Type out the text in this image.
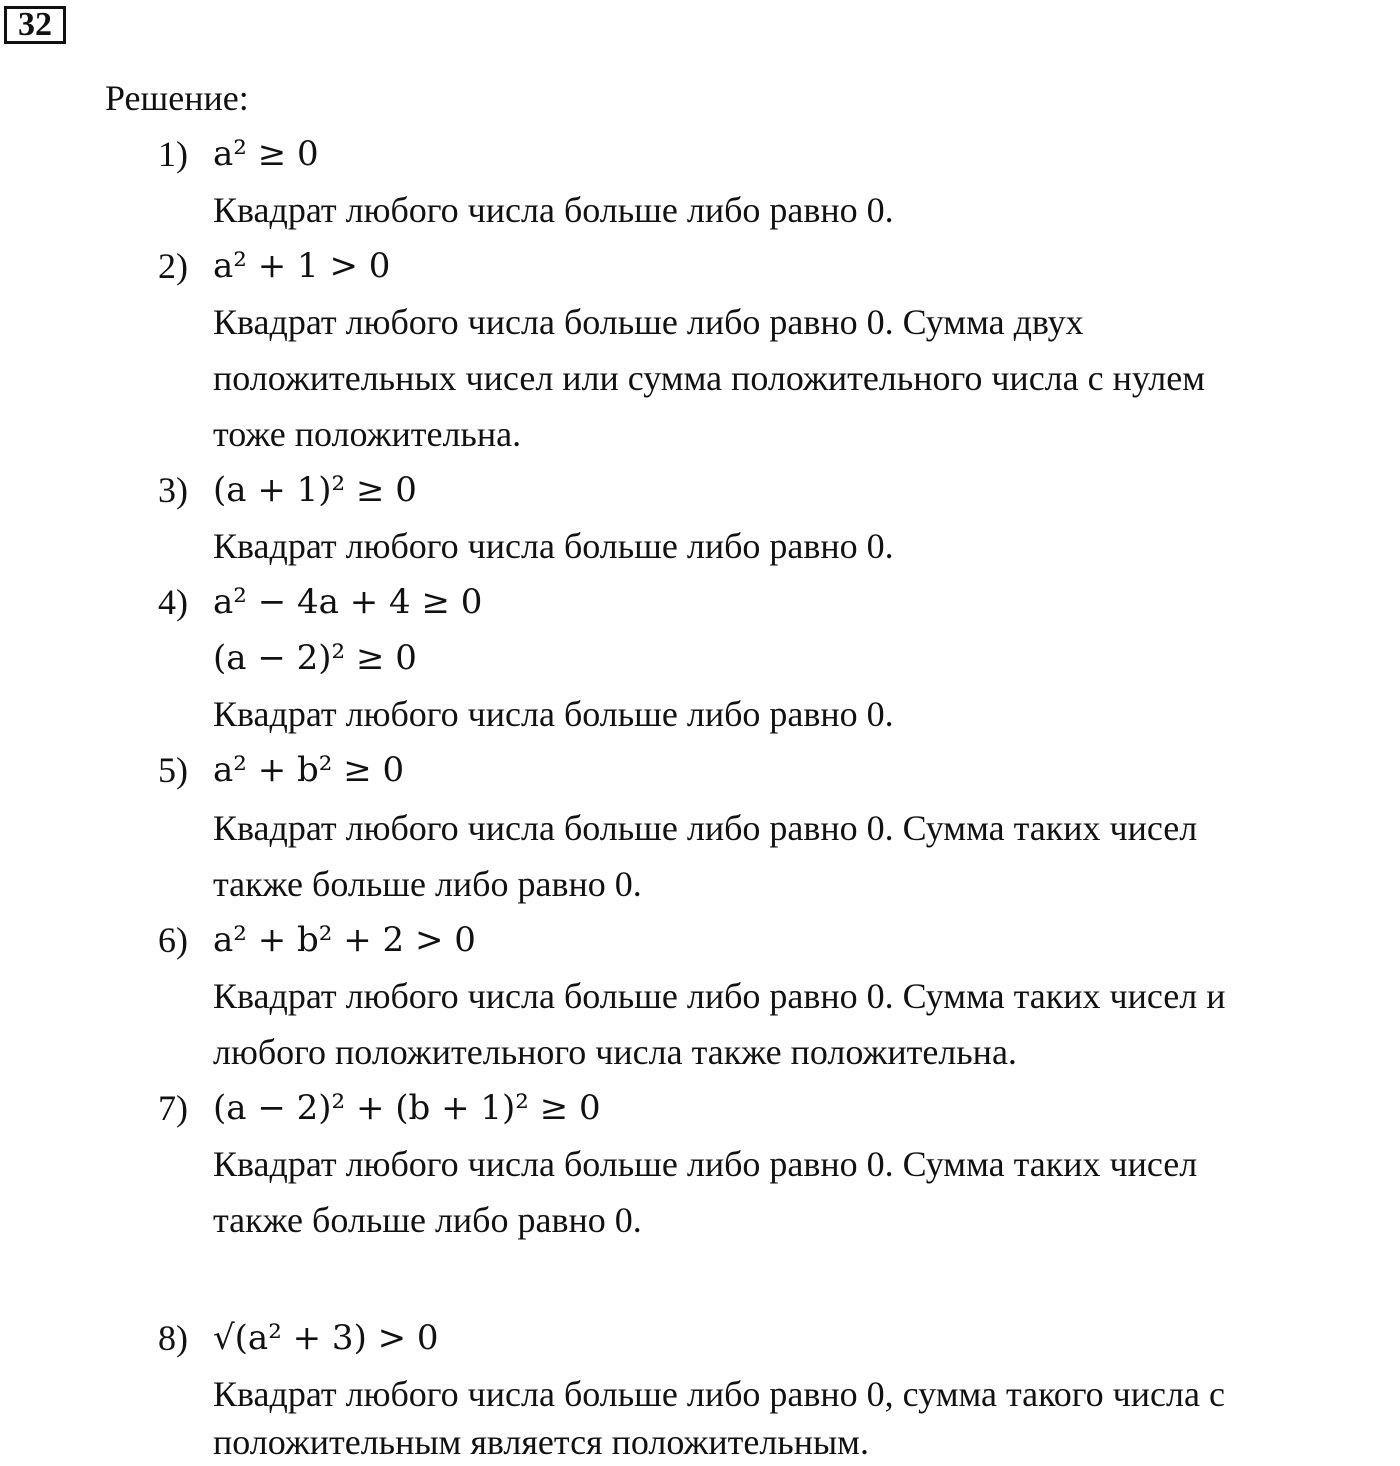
32
Решение:
1) a² ≥ 0
Квадрат любого числа больше либо равно 0.
2) a² + 1 > 0
Квадрат любого числа больше либо равно 0. Сумма двух
положительных чисел или сумма положительного числа с нулем
тоже положительна.
3) (a + 1)² ≥ 0
Квадрат любого числа больше либо равно 0.
4) a² − 4a + 4 ≥ 0
(a − 2)² ≥ 0
Квадрат любого числа больше либо равно 0.
5) a² + b² ≥ 0
Квадрат любого числа больше либо равно 0. Сумма таких чисел
также больше либо равно 0.
6) a² + b² + 2 > 0
Квадрат любого числа больше либо равно 0. Сумма таких чисел и
любого положительного числа также положительна.
7) (a − 2)² + (b + 1)² ≥ 0
Квадрат любого числа больше либо равно 0. Сумма таких чисел
также больше либо равно 0.
8) √(a² + 3) > 0
Квадрат любого числа больше либо равно 0, сумма такого числа с
положительным является положительным.
